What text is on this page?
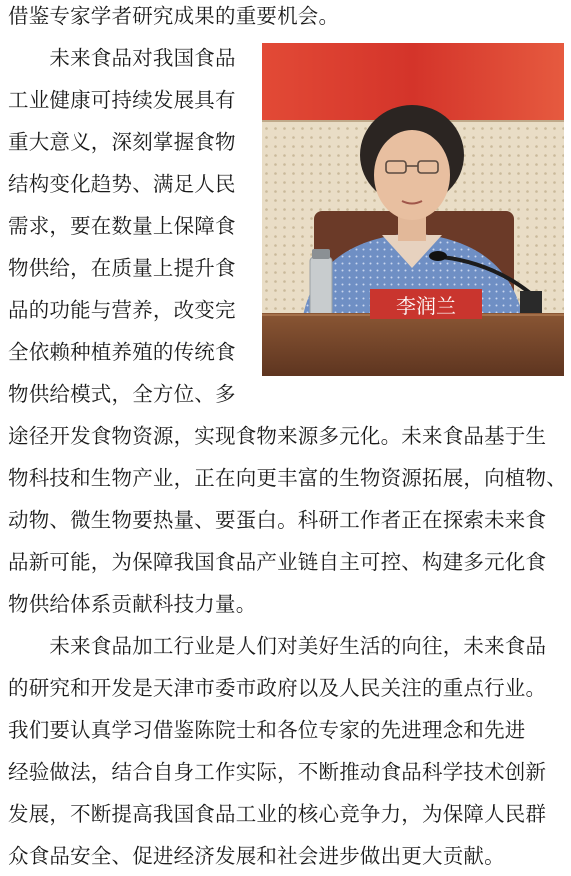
借鉴专家学者研究成果的重要机会。
　　未来食品对我国食品
工业健康可持续发展具有
重大意义，深刻掌握食物
结构变化趋势、满足人民
需求，要在数量上保障食
物供给，在质量上提升食
品的功能与营养，改变完
全依赖种植养殖的传统食
物供给模式，全方位、多
途径开发食物资源，实现食物来源多元化。未来食品基于生
物科技和生物产业，正在向更丰富的生物资源拓展，向植物、
动物、微生物要热量、要蛋白。科研工作者正在探索未来食
品新可能，为保障我国食品产业链自主可控、构建多元化食
物供给体系贡献科技力量。
　　未来食品加工行业是人们对美好生活的向往，未来食品
的研究和开发是天津市委市政府以及人民关注的重点行业。
我们要认真学习借鉴陈院士和各位专家的先进理念和先进
经验做法，结合自身工作实际，不断推动食品科学技术创新
发展，不断提高我国食品工业的核心竞争力，为保障人民群
众食品安全、促进经济发展和社会进步做出更大贡献。
李润兰
